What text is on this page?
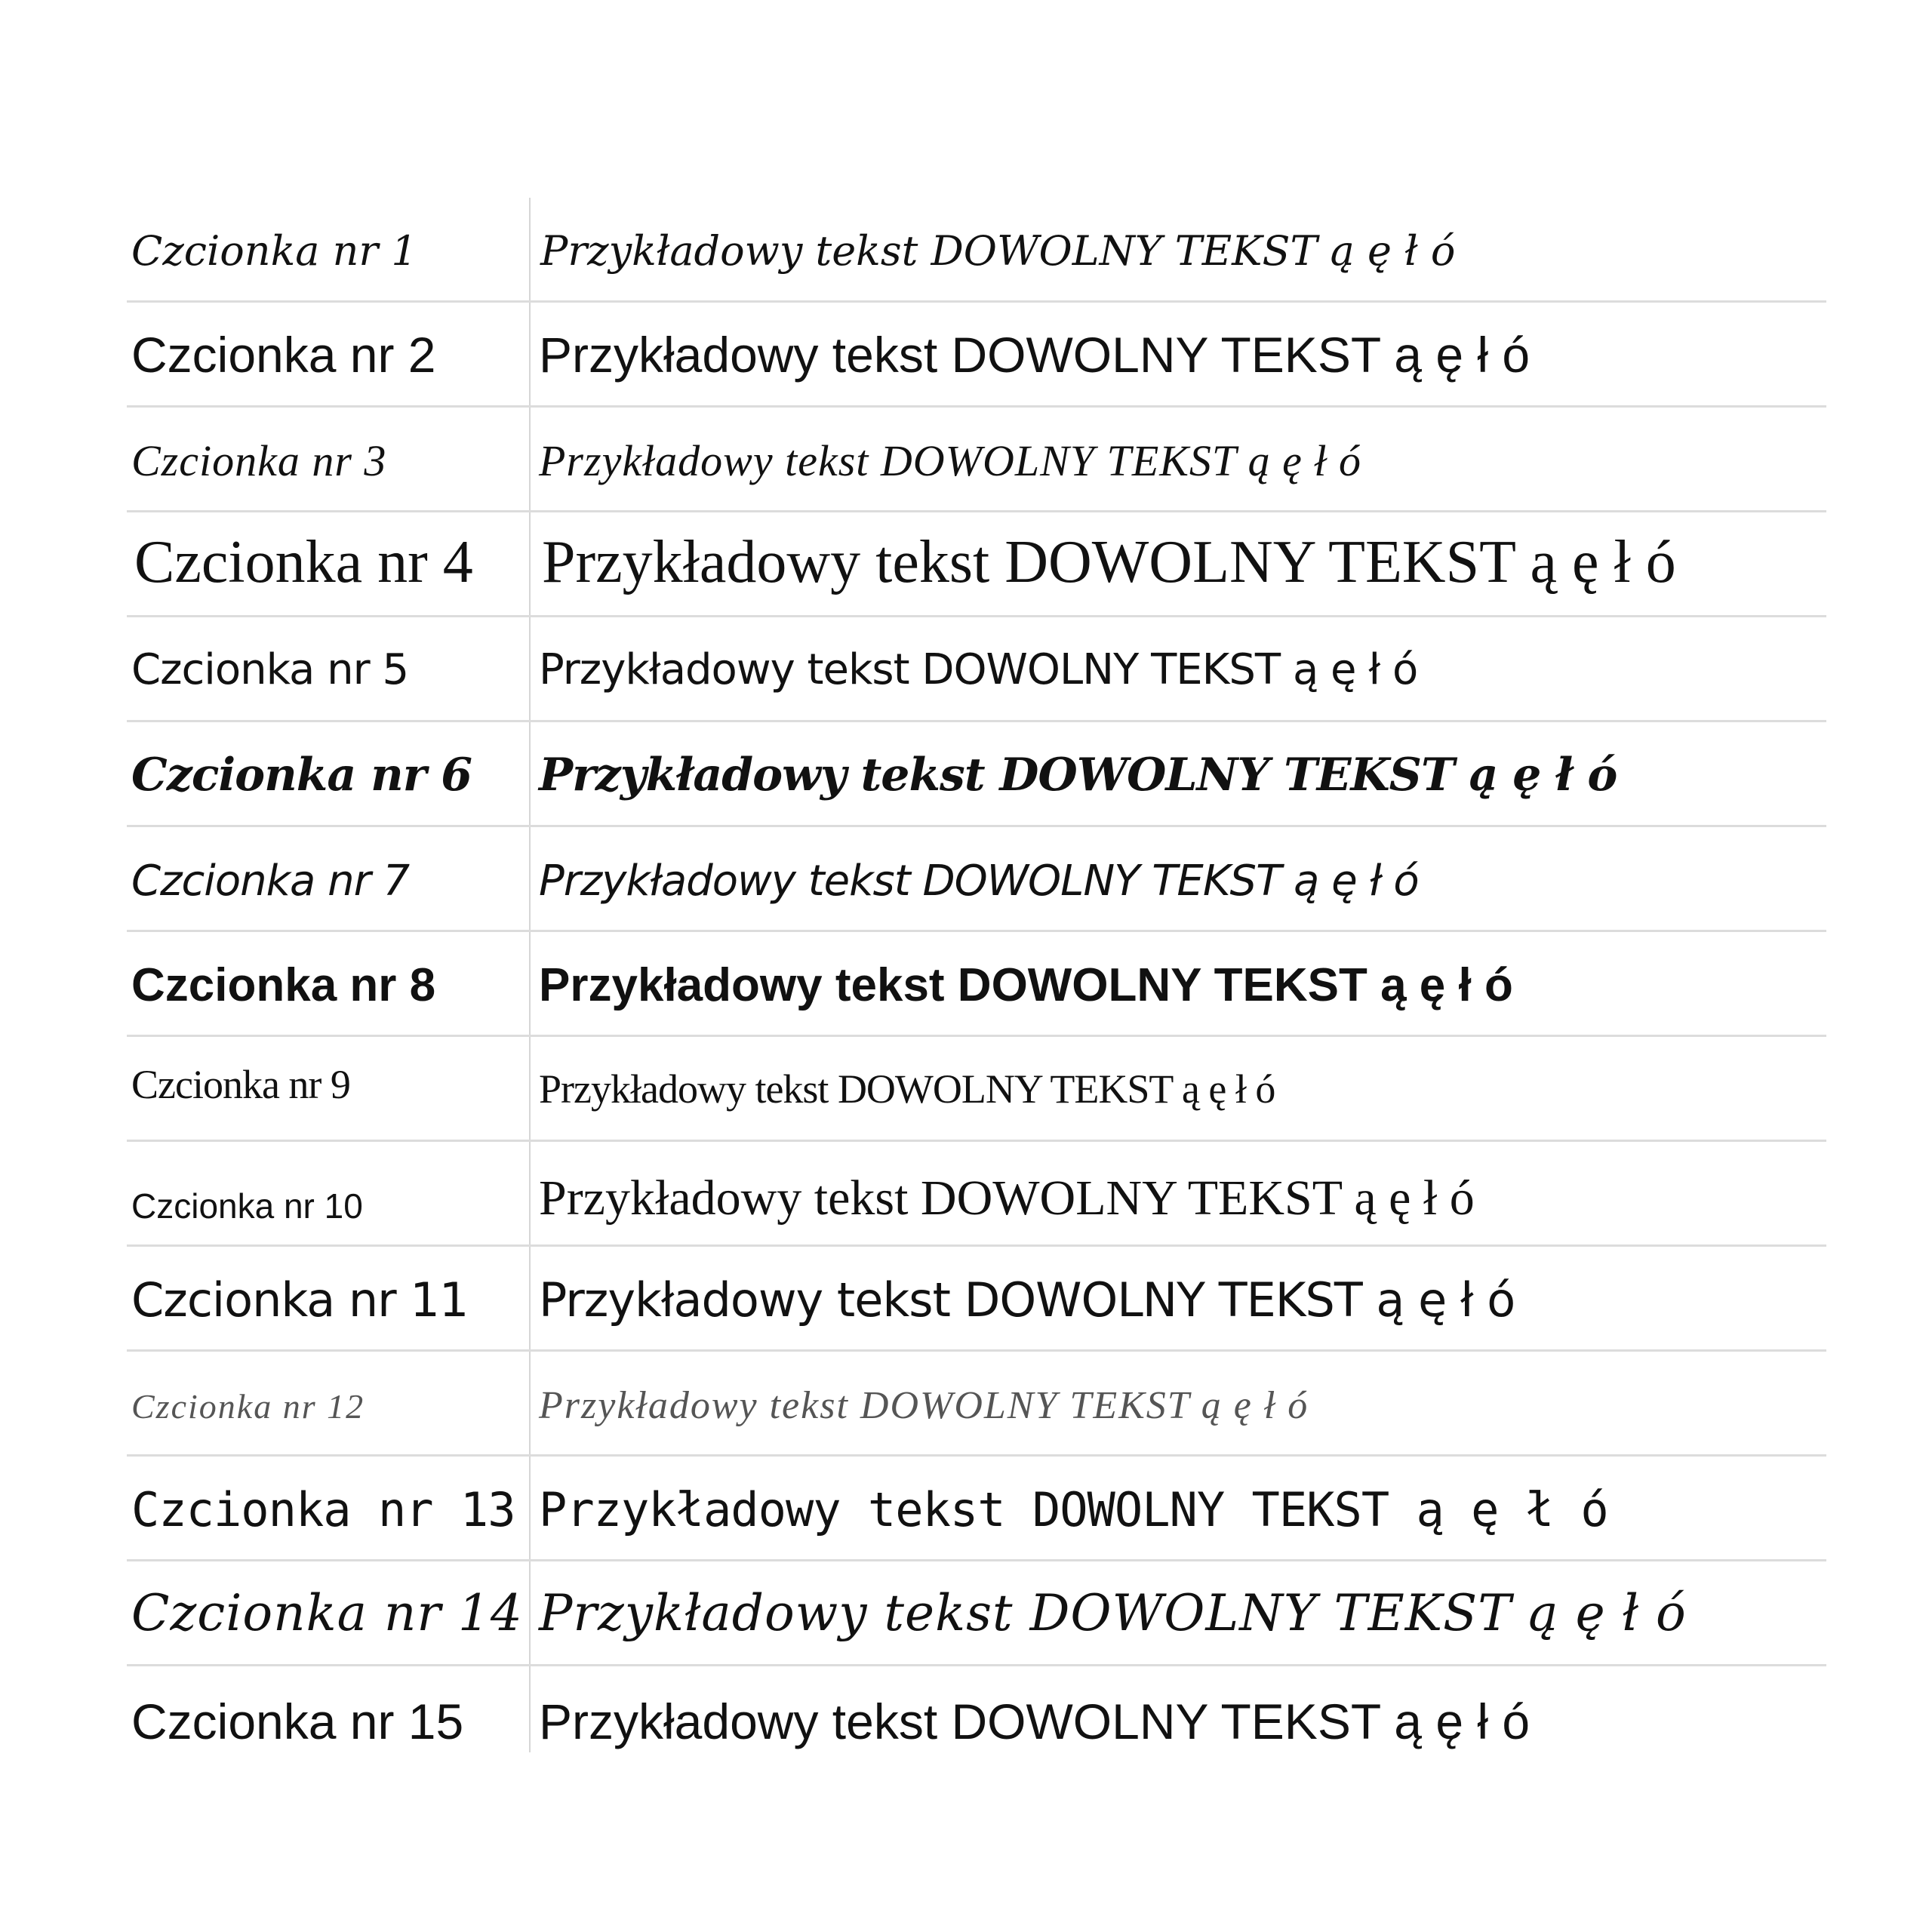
Czcionka nr 1	Przykładowy tekst DOWOLNY TEKST ą ę ł ó
Czcionka nr 2 Przykładowy tekst DOWOLNY TEKST ą ę ł ó
Czcionka nr 3	Przykładowy tekst DOWOLNY TEKST ą ę ł ó
Czcionka nr 4 Przykładowy tekst DOWOLNY TEKST ą ę ł ó
Czcionka nr 5	Przykładowy tekst DOWOLNY TEKST ą ę ł ó
Czcionka nr 6 Przykładowy tekst DOWOLNY TEKST ą ę ł ó
Czcionka nr 7	Przykładowy tekst DOWOLNY TEKST ą ę ł ó
Czcionka nr 8 Przykładowy tekst DOWOLNY TEKST ą ę ł ó
Czcionka nr 9	Przykładowy tekst DOWOLNY TEKST ą ę ł ó
Czcionka nr 10	Przykładowy tekst DOWOLNY TEKST ą ę ł ó
Czcionka nr 11 Przykładowy tekst DOWOLNY TEKST ą ę ł ó
Czcionka nr 12	Przykładowy tekst DOWOLNY TEKST ą ę ł ó
Czcionka nr 13 Przykładowy tekst DOWOLNY TEKST ą ę ł ó
Czcionka nr 14 Przykładowy tekst DOWOLNY TEKST ą ę ł ó
Czcionka nr 15 Przykładowy tekst DOWOLNY TEKST ą ę ł ó
